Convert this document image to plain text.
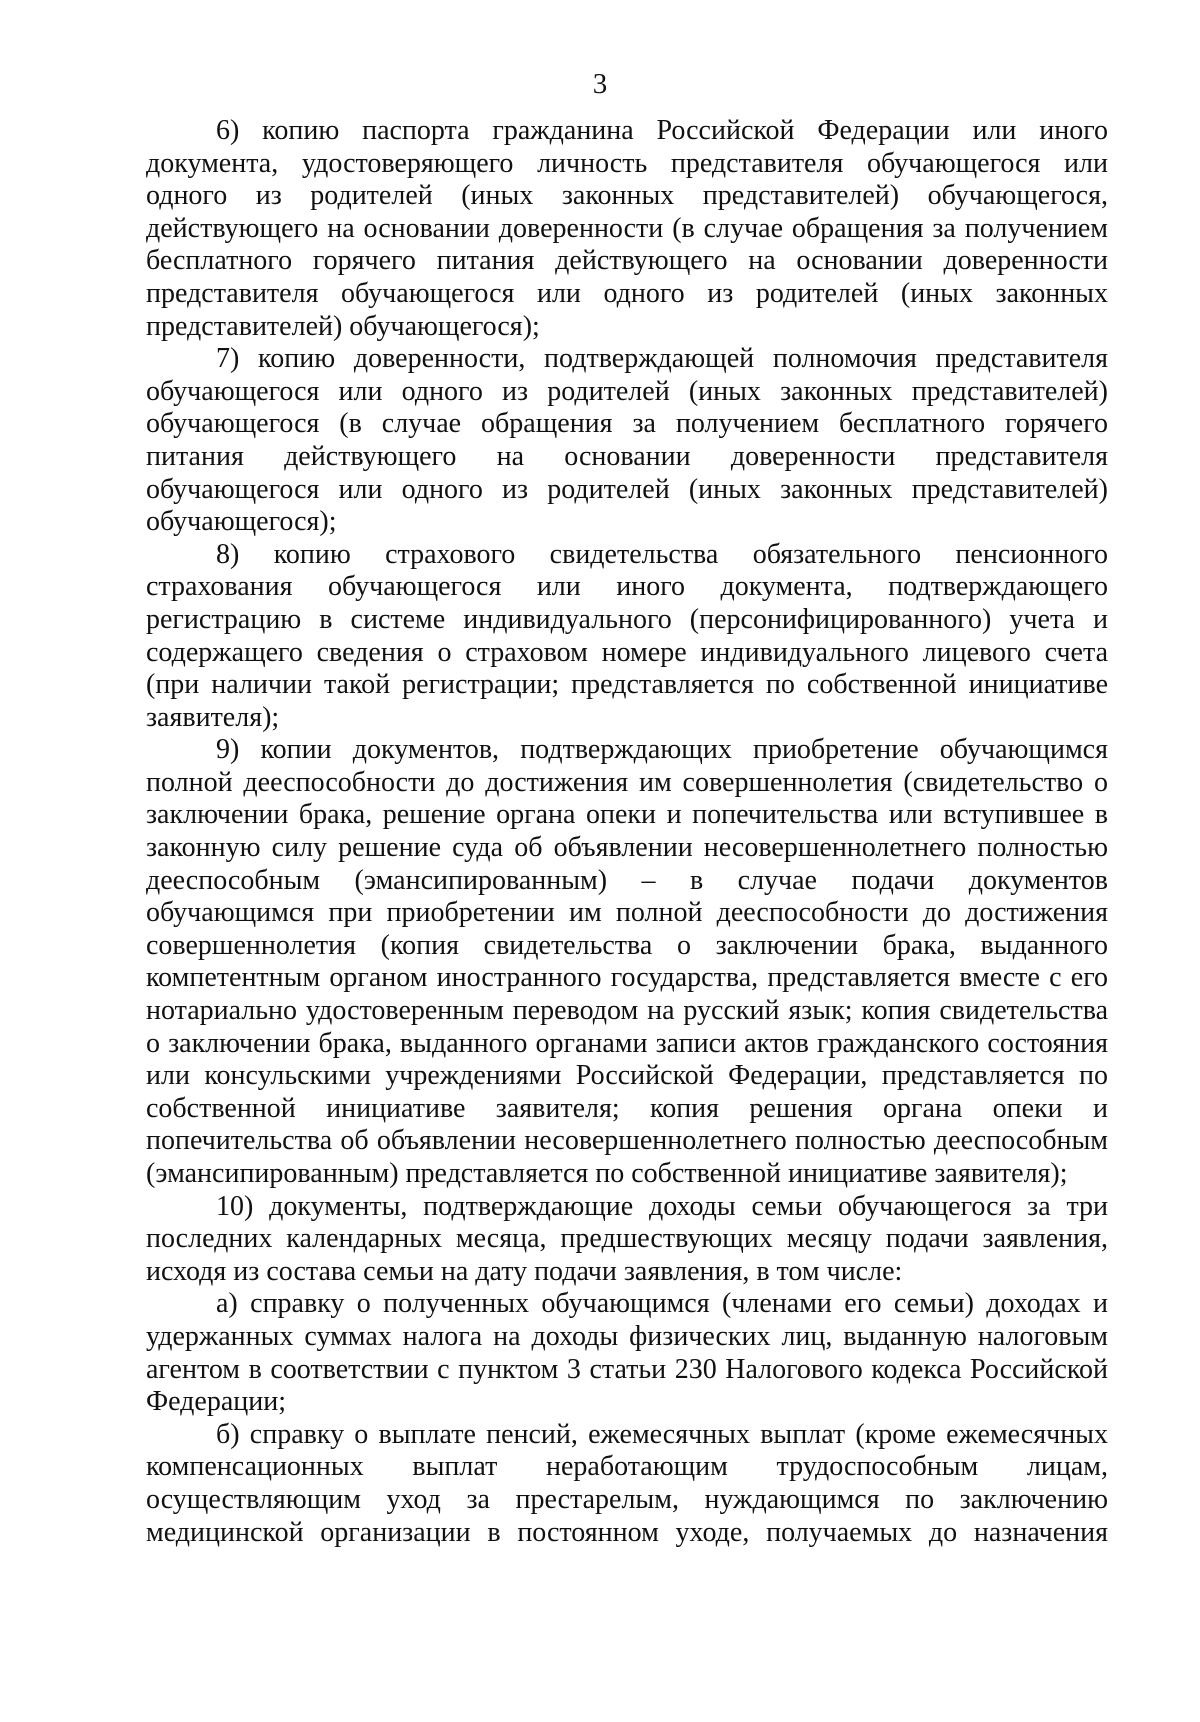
3

6) копию паспорта гражданина Российской Федерации или иного документа, удостоверяющего личность представителя обучающегося или одного из родителей (иных законных представителей) обучающегося, действующего на основании доверенности (в случае обращения за получением бесплатного горячего питания действующего на основании доверенности представителя обучающегося или одного из родителей (иных законных представителей) обучающегося);

7) копию доверенности, подтверждающей полномочия представителя обучающегося или одного из родителей (иных законных представителей) обучающегося (в случае обращения за получением бесплатного горячего питания действующего на основании доверенности представителя обучающегося или одного из родителей (иных законных представителей) обучающегося);

8) копию страхового свидетельства обязательного пенсионного страхования обучающегося или иного документа, подтверждающего регистрацию в системе индивидуального (персонифицированного) учета и содержащего сведения о страховом номере индивидуального лицевого счета (при наличии такой регистрации; представляется по собственной инициативе заявителя);

9) копии документов, подтверждающих приобретение обучающимся полной дееспособности до достижения им совершеннолетия (свидетельство о заключении брака, решение органа опеки и попечительства или вступившее в законную силу решение суда об объявлении несовершеннолетнего полностью дееспособным (эмансипированным) – в случае подачи документов обучающимся при приобретении им полной дееспособности до достижения совершеннолетия (копия свидетельства о заключении брака, выданного компетентным органом иностранного государства, представляется вместе с его нотариально удостоверенным переводом на русский язык; копия свидетельства о заключении брака, выданного органами записи актов гражданского состояния или консульскими учреждениями Российской Федерации, представляется по собственной инициативе заявителя; копия решения органа опеки и попечительства об объявлении несовершеннолетнего полностью дееспособным (эмансипированным) представляется по собственной инициативе заявителя);

10) документы, подтверждающие доходы семьи обучающегося за три последних календарных месяца, предшествующих месяцу подачи заявления, исходя из состава семьи на дату подачи заявления, в том числе:

а) справку о полученных обучающимся (членами его семьи) доходах и удержанных суммах налога на доходы физических лиц, выданную налоговым агентом в соответствии с пунктом 3 статьи 230 Налогового кодекса Российской Федерации;

б) справку о выплате пенсий, ежемесячных выплат (кроме ежемесячных компенсационных выплат неработающим трудоспособным лицам, осуществляющим уход за престарелым, нуждающимся по заключению медицинской организации в постоянном уходе, получаемых до назначения
